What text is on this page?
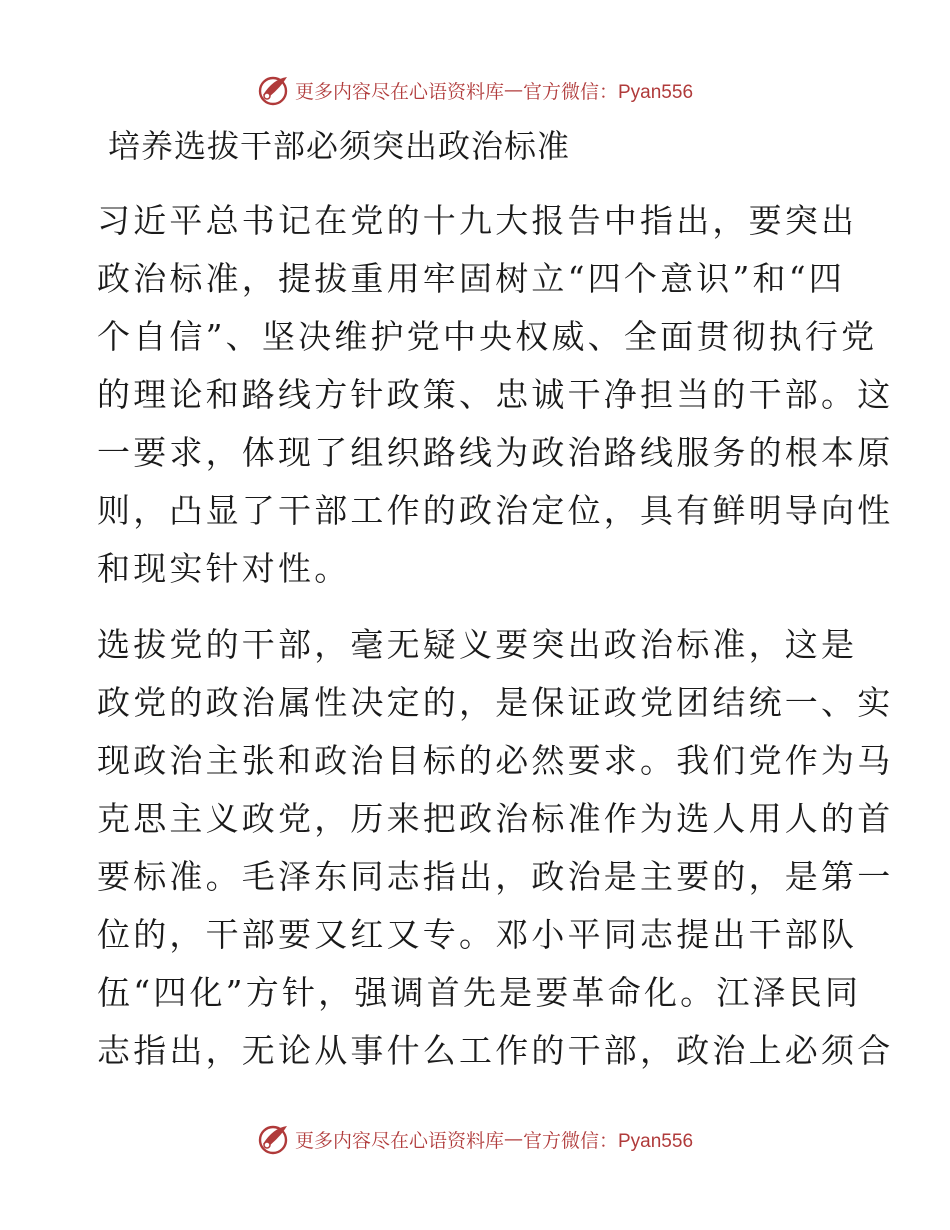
更多内容尽在心语资料库 — 官方微信：Pyan556
培养选拔干部必须突出政治标准
习近平总书记在党的十九大报告中指出，要突出
政治标准，提拔重用牢固树立“四个意识”和“四
个自信”、坚决维护党中央权威、全面贯彻执行党
的理论和路线方针政策、忠诚干净担当的干部。这
一要求，体现了组织路线为政治路线服务的根本原
则，凸显了干部工作的政治定位，具有鲜明导向性
和现实针对性。
选拔党的干部，毫无疑义要突出政治标准，这是
政党的政治属性决定的，是保证政党团结统一、实
现政治主张和政治目标的必然要求。我们党作为马
克思主义政党，历来把政治标准作为选人用人的首
要标准。毛泽东同志指出，政治是主要的，是第一
位的，干部要又红又专。邓小平同志提出干部队
伍“四化”方针，强调首先是要革命化。江泽民同
志指出，无论从事什么工作的干部，政治上必须合
更多内容尽在心语资料库 — 官方微信：Pyan556
